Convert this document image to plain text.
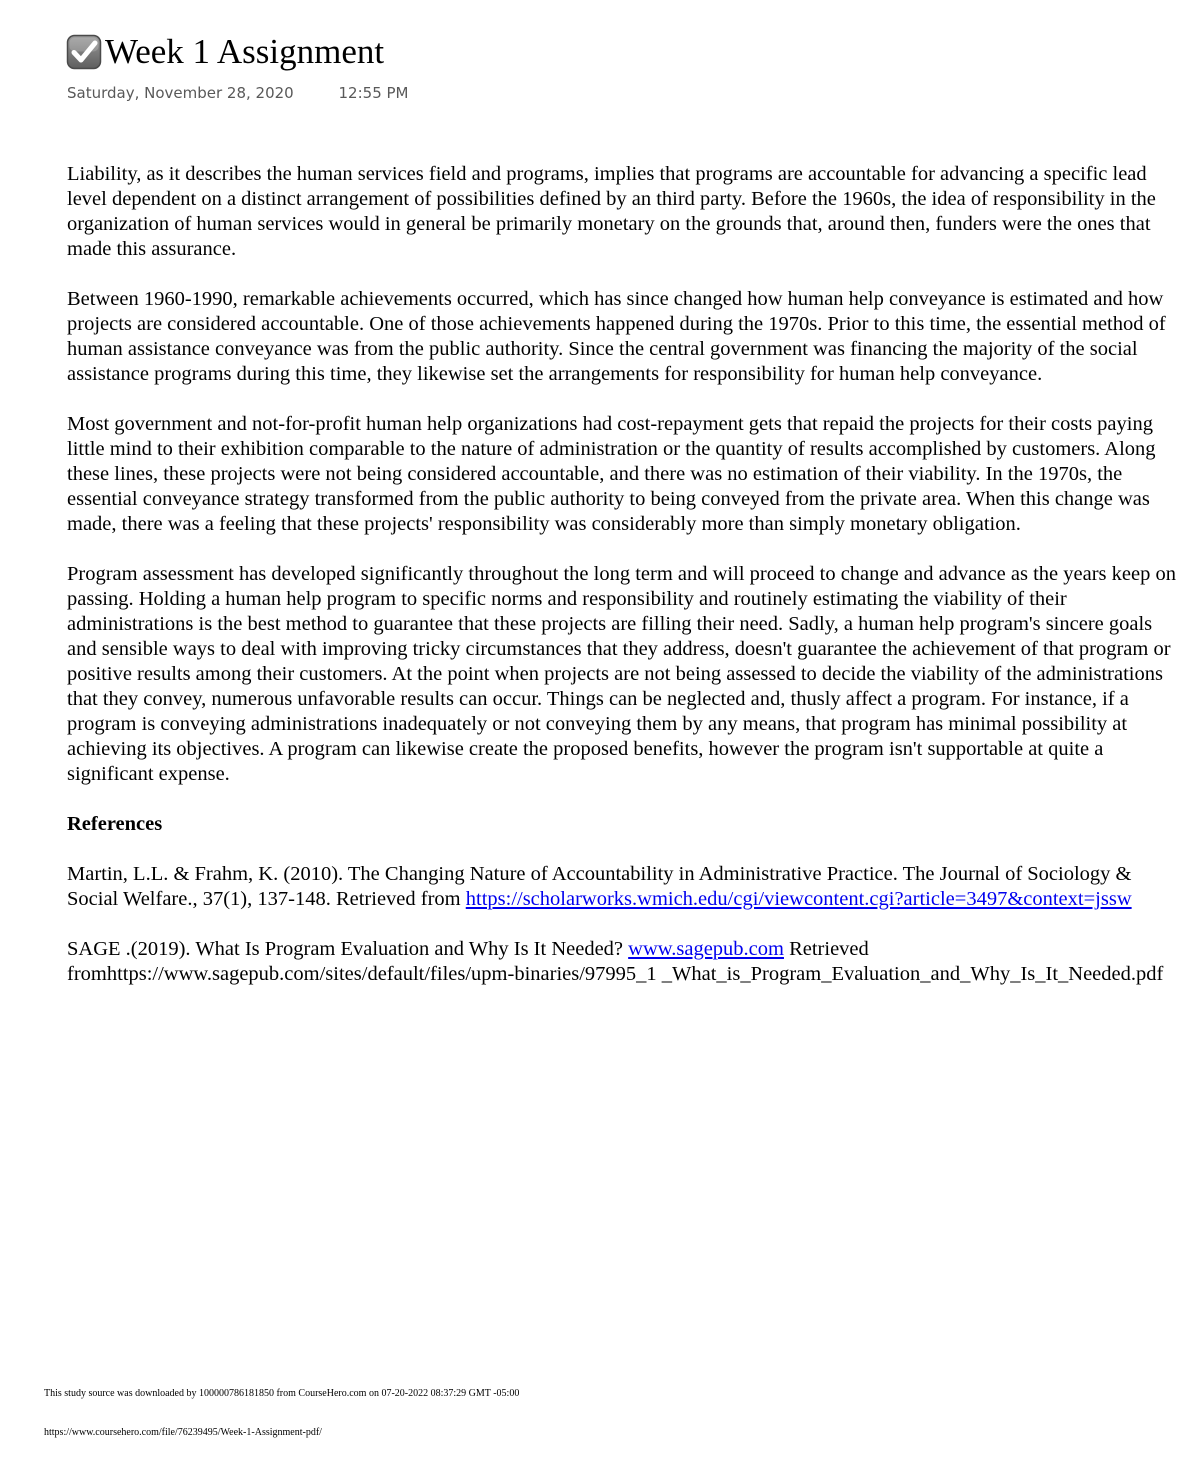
Week 1 Assignment
Saturday, November 28, 2020	12:55 PM

Liability, as it describes the human services field and programs, implies that programs are accountable for advancing a specific lead level dependent on a distinct arrangement of possibilities defined by an third party. Before the 1960s, the idea of responsibility in the organization of human services would in general be primarily monetary on the grounds that, around then, funders were the ones that made this assurance.

Between 1960-1990, remarkable achievements occurred, which has since changed how human help conveyance is estimated and how projects are considered accountable. One of those achievements happened during the 1970s. Prior to this time, the essential method of human assistance conveyance was from the public authority. Since the central government was financing the majority of the social assistance programs during this time, they likewise set the arrangements for responsibility for human help conveyance.

Most government and not-for-profit human help organizations had cost-repayment gets that repaid the projects for their costs paying little mind to their exhibition comparable to the nature of administration or the quantity of results accomplished by customers. Along these lines, these projects were not being considered accountable, and there was no estimation of their viability. In the 1970s, the essential conveyance strategy transformed from the public authority to being conveyed from the private area. When this change was made, there was a feeling that these projects' responsibility was considerably more than simply monetary obligation.

Program assessment has developed significantly throughout the long term and will proceed to change and advance as the years keep on passing. Holding a human help program to specific norms and responsibility and routinely estimating the viability of their administrations is the best method to guarantee that these projects are filling their need. Sadly, a human help program's sincere goals and sensible ways to deal with improving tricky circumstances that they address, doesn't guarantee the achievement of that program or positive results among their customers. At the point when projects are not being assessed to decide the viability of the administrations that they convey, numerous unfavorable results can occur. Things can be neglected and, thusly affect a program. For instance, if a program is conveying administrations inadequately or not conveying them by any means, that program has minimal possibility at achieving its objectives. A program can likewise create the proposed benefits, however the program isn't supportable at quite a significant expense.

References

Martin, L.L. & Frahm, K. (2010). The Changing Nature of Accountability in Administrative Practice. The Journal of Sociology & Social Welfare., 37(1), 137-148. Retrieved from https://scholarworks.wmich.edu/cgi/viewcontent.cgi?article=3497&context=jssw

SAGE .(2019). What Is Program Evaluation and Why Is It Needed? www.sagepub.com Retrieved fromhttps://www.sagepub.com/sites/default/files/upm-binaries/97995_1 _What_is_Program_Evaluation_and_Why_Is_It_Needed.pdf

This study source was downloaded by 100000786181850 from CourseHero.com on 07-20-2022 08:37:29 GMT -05:00
https://www.coursehero.com/file/76239495/Week-1-Assignment-pdf/
